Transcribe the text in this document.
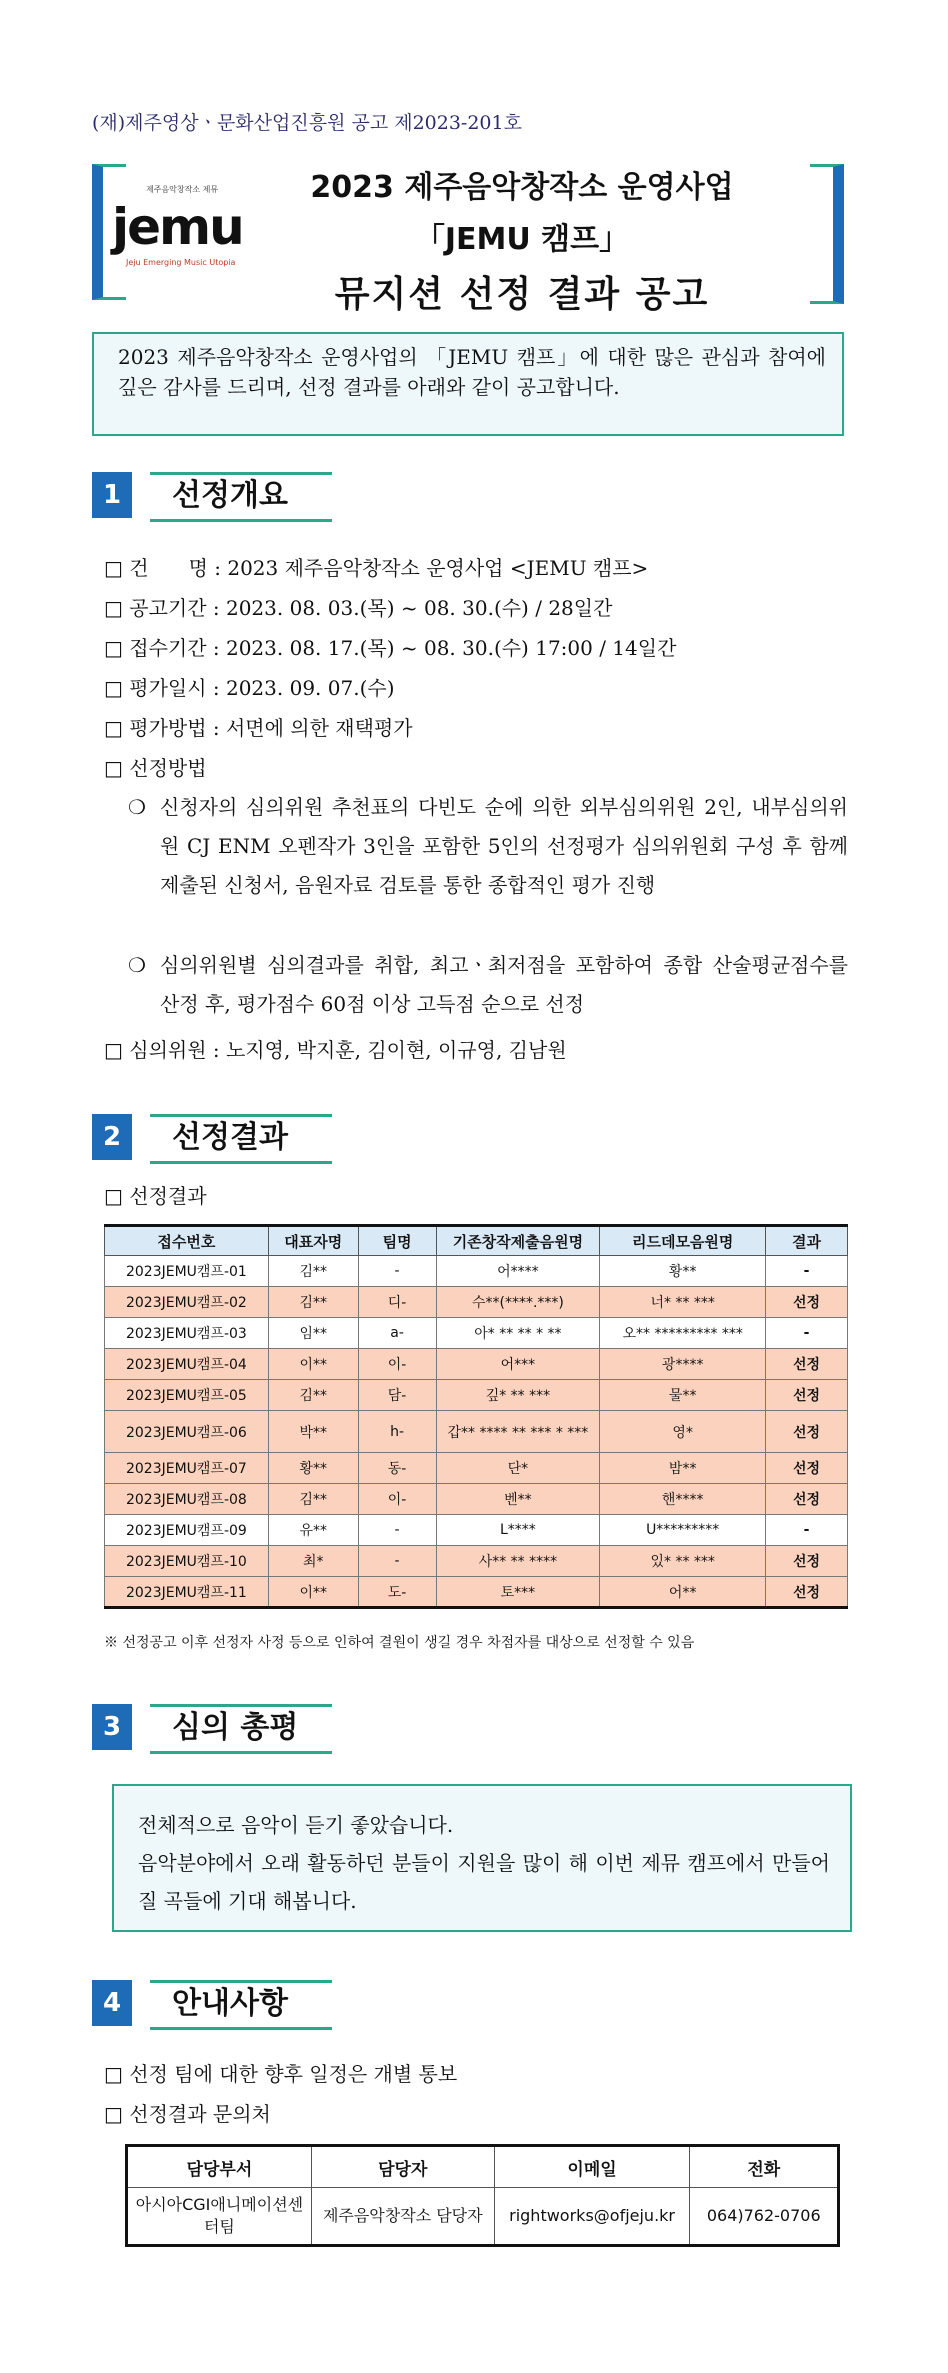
(재)제주영상ㆍ문화산업진흥원 공고 제2023-201호
제주음악창작소 제뮤
jemu
Jeju Emerging Music Utopia
2023 제주음악창작소 운영사업
「JEMU 캠프」
뮤지션 선정 결과 공고
2023 제주음악창작소 운영사업의 「JEMU 캠프」에 대한 많은 관심과 참여에 깊은 감사를 드리며, 선정 결과를 아래와 같이 공고합니다.
1	선정개요
□ 건　　명 : 2023 제주음악창작소 운영사업 <JEMU 캠프>
□ 공고기간 : 2023. 08. 03.(목) ~ 08. 30.(수) / 28일간
□ 접수기간 : 2023. 08. 17.(목) ~ 08. 30.(수) 17:00 / 14일간
□ 평가일시 : 2023. 09. 07.(수)
□ 평가방법 : 서면에 의한 재택평가
□ 선정방법
❍ 신청자의 심의위원 추천표의 다빈도 순에 의한 외부심의위원 2인, 내부심의위원 CJ ENM 오펜작가 3인을 포함한 5인의 선정평가 심의위원회 구성 후 함께 제출된 신청서, 음원자료 검토를 통한 종합적인 평가 진행
❍ 심의위원별 심의결과를 취합, 최고ㆍ최저점을 포함하여 종합 산술평균점수를 산정 후, 평가점수 60점 이상 고득점 순으로 선정
□ 심의위원 : 노지영, 박지훈, 김이현, 이규영, 김남원
2	선정결과
□ 선정결과
접수번호	대표자명	팀명	기존창작제출음원명	리드데모음원명	결과
2023JEMU캠프-01	김**	-	어****	황**	-
2023JEMU캠프-02	김**	디-	수**(****.***)	너* ** ***	선정
2023JEMU캠프-03	임**	a-	아* ** ** * **	오** ********* ***	-
2023JEMU캠프-04	이**	이-	어***	광****	선정
2023JEMU캠프-05	김**	담-	깊* ** ***	물**	선정
2023JEMU캠프-06	박**	h-	갑** **** ** *** * ***	영*	선정
2023JEMU캠프-07	황**	동-	단*	밤**	선정
2023JEMU캠프-08	김**	이-	벤**	핸****	선정
2023JEMU캠프-09	유**	-	L****	U*********	-
2023JEMU캠프-10	최*	-	사** ** ****	있* ** ***	선정
2023JEMU캠프-11	이**	도-	토***	어**	선정
※ 선정공고 이후 선정자 사정 등으로 인하여 결원이 생길 경우 차점자를 대상으로 선정할 수 있음
3	심의 총평
전체적으로 음악이 듣기 좋았습니다.
음악분야에서 오래 활동하던 분들이 지원을 많이 해 이번 제뮤 캠프에서 만들어질 곡들에 기대 해봅니다.
4	안내사항
□ 선정 팀에 대한 향후 일정은 개별 통보
□ 선정결과 문의처
담당부서	담당자	이메일	전화
아시아CGI애니메이션센터팀	제주음악창작소 담당자	rightworks@ofjeju.kr	064)762-0706
